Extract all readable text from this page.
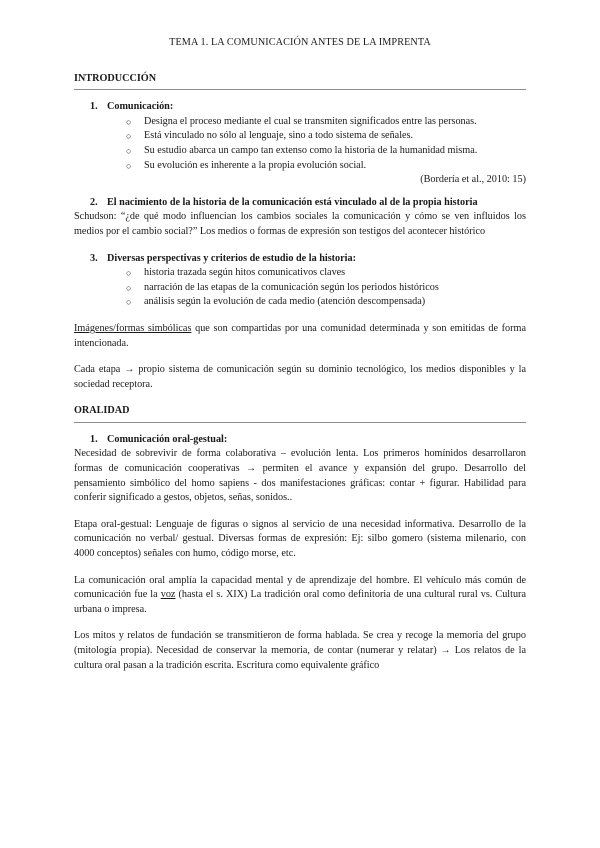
TEMA 1. LA COMUNICACIÓN ANTES DE LA IMPRENTA
INTRODUCCIÓN
1. Comunicación:
○ Designa el proceso mediante el cual se transmiten significados entre las personas.
○ Está vinculado no sólo al lenguaje, sino a todo sistema de señales.
○ Su estudio abarca un campo tan extenso como la historia de la humanidad misma.
○ Su evolución es inherente a la propia evolución social.
(Bordería et al., 2010: 15)
2. El nacimiento de la historia de la comunicación está vinculado al de la propia historia
Schudson: “¿de qué modo influencian los cambios sociales la comunicación y cómo se ven influidos los medios por el cambio social?” Los medios o formas de expresión son testigos del acontecer histórico
3. Diversas perspectivas y criterios de estudio de la historia:
○ historia trazada según hitos comunicativos claves
○ narración de las etapas de la comunicación según los periodos históricos
○ análisis según la evolución de cada medio (atención descompensada)
Imágenes/formas simbólicas que son compartidas por una comunidad determinada y son emitidas de forma intencionada.
Cada etapa → propio sistema de comunicación según su dominio tecnológico, los medios disponibles y la sociedad receptora.
ORALIDAD
1. Comunicación oral-gestual:
Necesidad de sobrevivir de forma colaborativa – evolución lenta. Los primeros homínidos desarrollaron formas de comunicación cooperativas → permiten el avance y expansión del grupo. Desarrollo del pensamiento simbólico del homo sapiens - dos manifestaciones gráficas: contar + figurar. Habilidad para conferir significado a gestos, objetos, señas, sonidos..
Etapa oral-gestual: Lenguaje de figuras o signos al servicio de una necesidad informativa. Desarrollo de la comunicación no verbal/ gestual. Diversas formas de expresión: Ej: silbo gomero (sistema milenario, con 4000 conceptos) señales con humo, código morse, etc.
La comunicación oral amplía la capacidad mental y de aprendizaje del hombre. El vehículo más común de comunicación fue la voz (hasta el s. XIX) La tradición oral como definitoria de una cultural rural vs. Cultura urbana o impresa.
Los mitos y relatos de fundación se transmitieron de forma hablada. Se crea y recoge la memoria del grupo (mitología propia). Necesidad de conservar la memoria, de contar (numerar y relatar) → Los relatos de la cultura oral pasan a la tradición escrita. Escritura como equivalente gráfico
